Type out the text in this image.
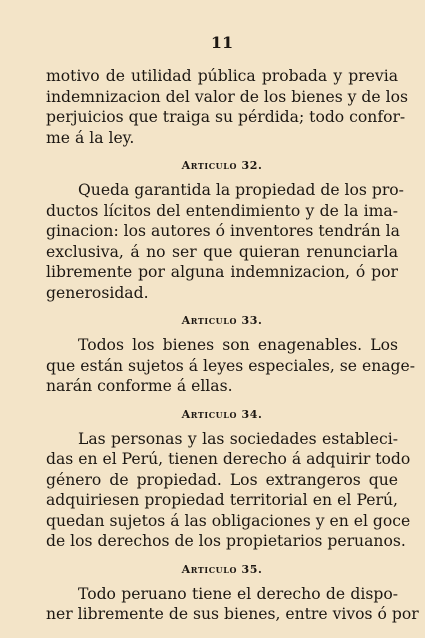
11
motivo de utilidad pública probada y previa
indemnizacion del valor de los bienes y de los
perjuicios que traiga su pérdida; todo confor-
me á la ley.
Articulo 32.
Queda garantida la propiedad de los pro-
ductos lícitos del entendimiento y de la ima-
ginacion: los autores ó inventores tendrán la
exclusiva, á no ser que quieran renunciarla
libremente por alguna indemnizacion, ó por
generosidad.
Articulo 33.
Todos los bienes son enagenables. Los
que están sujetos á leyes especiales, se enage-
narán conforme á ellas.
Articulo 34.
Las personas y las sociedades estableci-
das en el Perú, tienen derecho á adquirir todo
género de propiedad. Los extrangeros que
adquiriesen propiedad territorial en el Perú,
quedan sujetos á las obligaciones y en el goce
de los derechos de los propietarios peruanos.
Articulo 35.
Todo peruano tiene el derecho de dispo-
ner libremente de sus bienes, entre vivos ó por
